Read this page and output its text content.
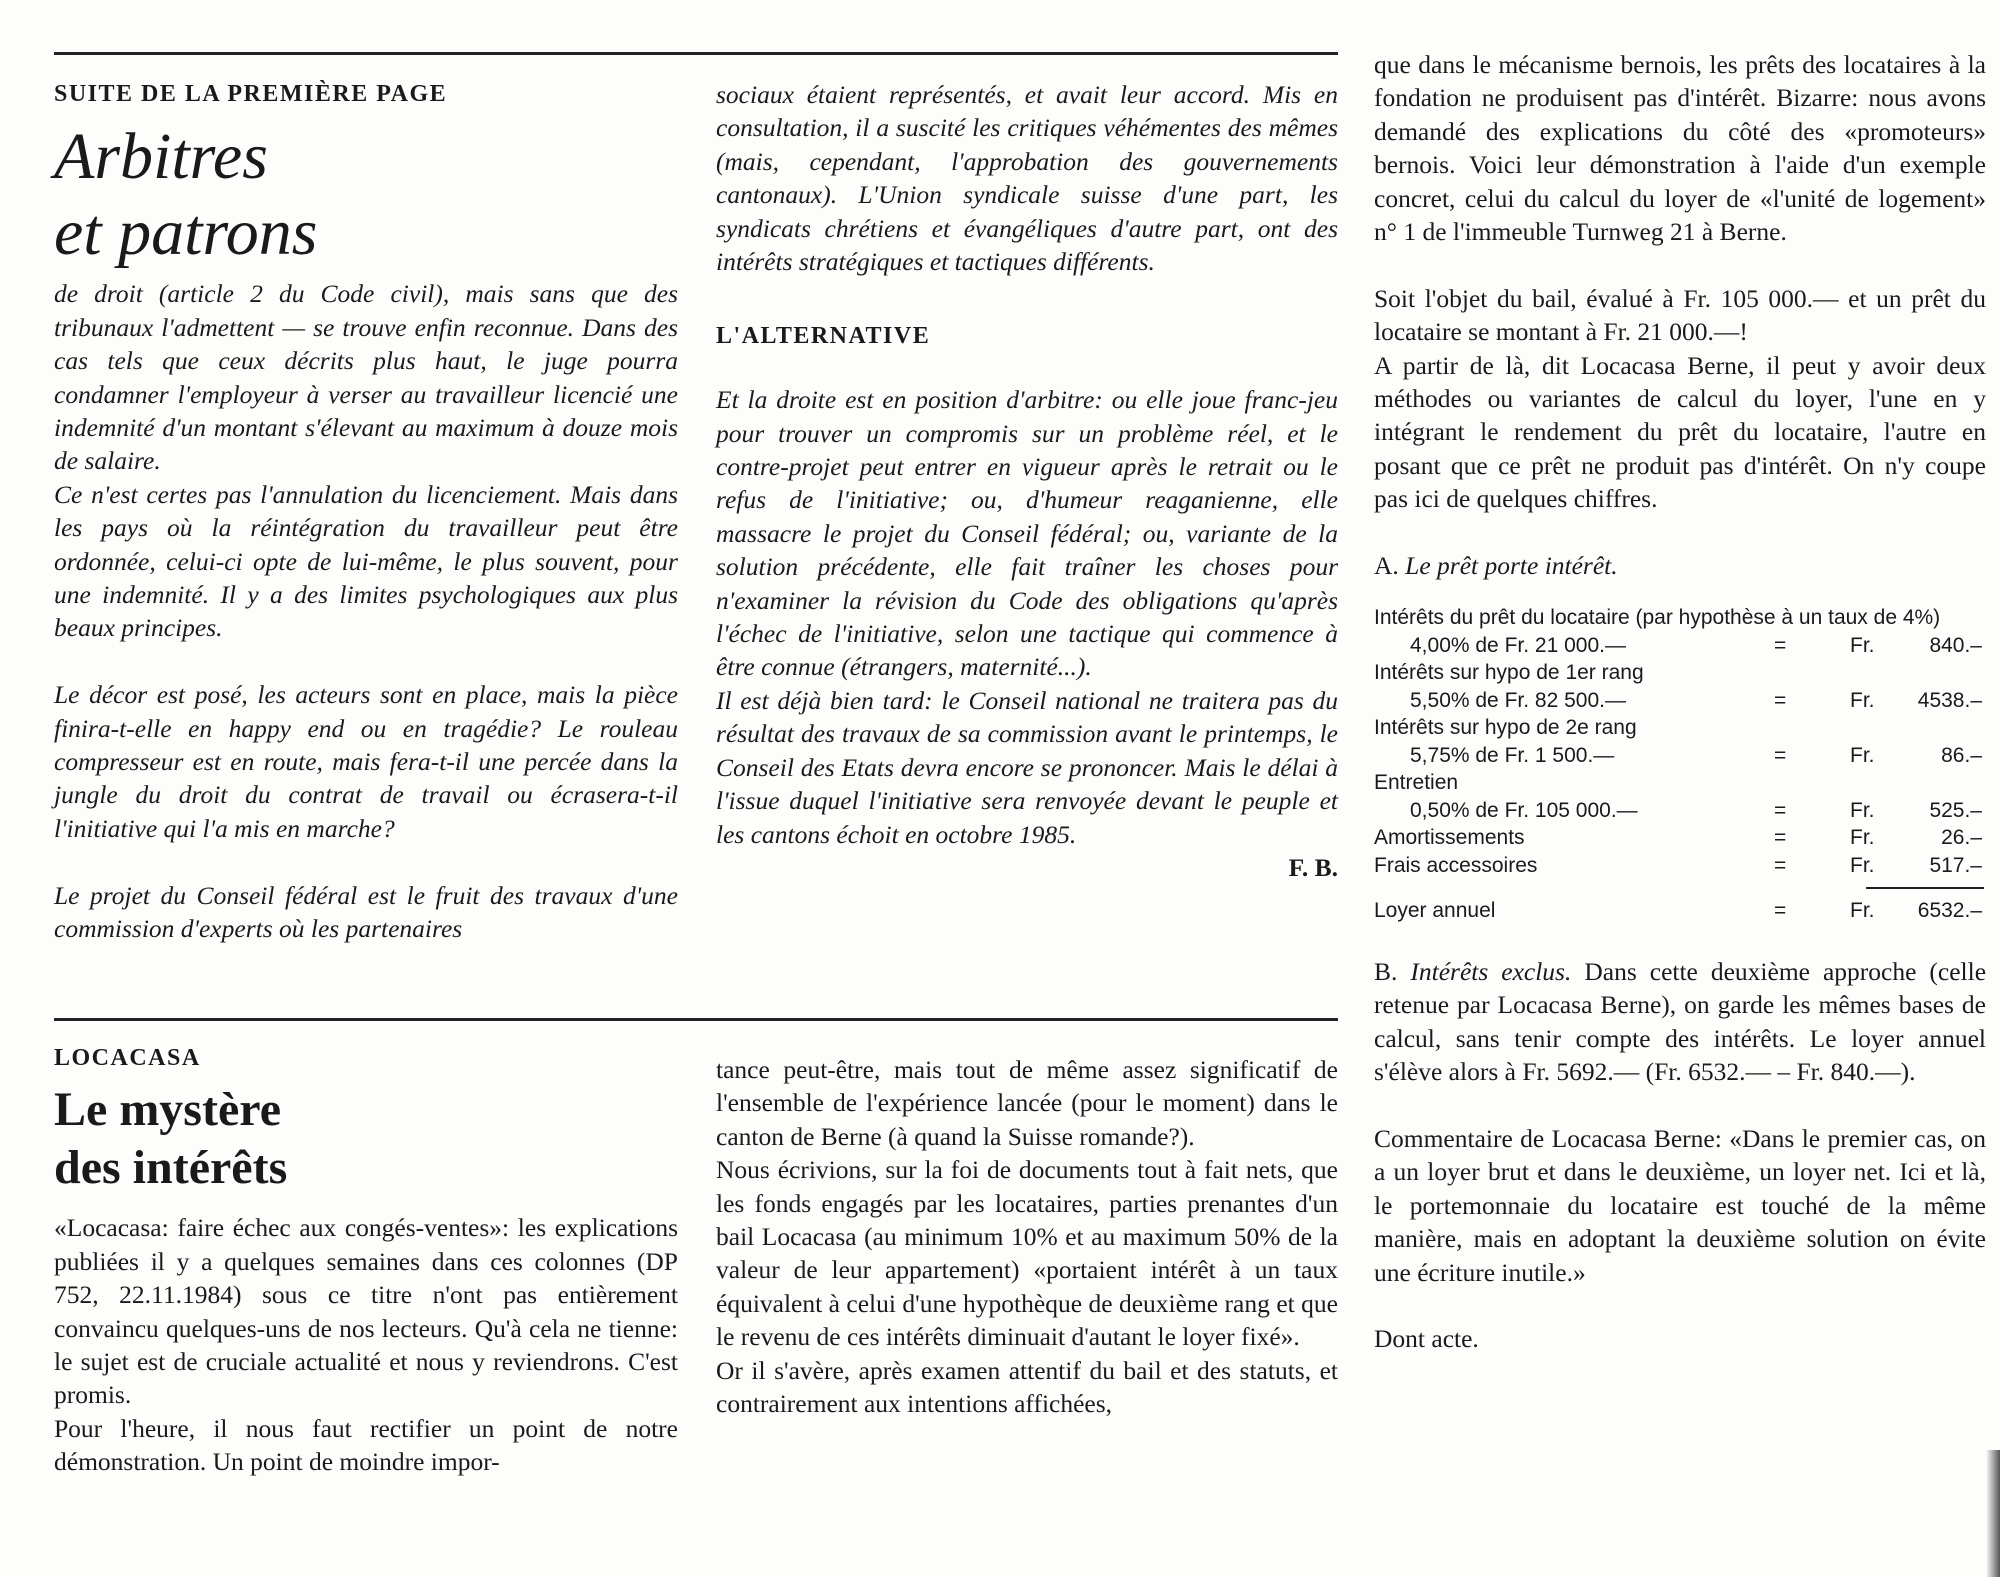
SUITE DE LA PREMIÈRE PAGE

Arbitres
et patrons

de droit (article 2 du Code civil), mais sans que des tribunaux l'admettent — se trouve enfin reconnue. Dans des cas tels que ceux décrits plus haut, le juge pourra condamner l'employeur à verser au travailleur licencié une indemnité d'un montant s'élevant au maximum à douze mois de salaire.

Ce n'est certes pas l'annulation du licenciement. Mais dans les pays où la réintégration du travailleur peut être ordonnée, celui-ci opte de lui-même, le plus souvent, pour une indemnité. Il y a des limites psychologiques aux plus beaux principes.

Le décor est posé, les acteurs sont en place, mais la pièce finira-t-elle en happy end ou en tragédie? Le rouleau compresseur est en route, mais fera-t-il une percée dans la jungle du droit du contrat de travail ou écrasera-t-il l'initiative qui l'a mis en marche?

Le projet du Conseil fédéral est le fruit des travaux d'une commission d'experts où les partenaires

sociaux étaient représentés, et avait leur accord. Mis en consultation, il a suscité les critiques véhémentes des mêmes (mais, cependant, l'approbation des gouvernements cantonaux). L'Union syndicale suisse d'une part, les syndicats chrétiens et évangéliques d'autre part, ont des intérêts stratégiques et tactiques différents.

L'ALTERNATIVE

Et la droite est en position d'arbitre: ou elle joue franc-jeu pour trouver un compromis sur un problème réel, et le contre-projet peut entrer en vigueur après le retrait ou le refus de l'initiative; ou, d'humeur reaganienne, elle massacre le projet du Conseil fédéral; ou, variante de la solution précédente, elle fait traîner les choses pour n'examiner la révision du Code des obligations qu'après l'échec de l'initiative, selon une tactique qui commence à être connue (étrangers, maternité...).

Il est déjà bien tard: le Conseil national ne traitera pas du résultat des travaux de sa commission avant le printemps, le Conseil des Etats devra encore se prononcer. Mais le délai à l'issue duquel l'initiative sera renvoyée devant le peuple et les cantons échoit en octobre 1985.

F. B.

LOCACASA

Le mystère
des intérêts

«Locacasa: faire échec aux congés-ventes»: les explications publiées il y a quelques semaines dans ces colonnes (DP 752, 22.11.1984) sous ce titre n'ont pas entièrement convaincu quelques-uns de nos lecteurs. Qu'à cela ne tienne: le sujet est de cruciale actualité et nous y reviendrons. C'est promis.

Pour l'heure, il nous faut rectifier un point de notre démonstration. Un point de moindre impor-

tance peut-être, mais tout de même assez significatif de l'ensemble de l'expérience lancée (pour le moment) dans le canton de Berne (à quand la Suisse romande?).

Nous écrivions, sur la foi de documents tout à fait nets, que les fonds engagés par les locataires, parties prenantes d'un bail Locacasa (au minimum 10% et au maximum 50% de la valeur de leur appartement) «portaient intérêt à un taux équivalent à celui d'une hypothèque de deuxième rang et que le revenu de ces intérêts diminuait d'autant le loyer fixé».

Or il s'avère, après examen attentif du bail et des statuts, et contrairement aux intentions affichées,

que dans le mécanisme bernois, les prêts des locataires à la fondation ne produisent pas d'intérêt. Bizarre: nous avons demandé des explications du côté des «promoteurs» bernois. Voici leur démonstration à l'aide d'un exemple concret, celui du calcul du loyer de «l'unité de logement» n° 1 de l'immeuble Turnweg 21 à Berne.

Soit l'objet du bail, évalué à Fr. 105 000.— et un prêt du locataire se montant à Fr. 21 000.—!

A partir de là, dit Locacasa Berne, il peut y avoir deux méthodes ou variantes de calcul du loyer, l'une en y intégrant le rendement du prêt du locataire, l'autre en posant que ce prêt ne produit pas d'intérêt. On n'y coupe pas ici de quelques chiffres.

A. Le prêt porte intérêt.

Intérêts du prêt du locataire (par hypothèse à un taux de 4%)

4,00% de Fr. 21 000.—	=	Fr.	840.–
Intérêts sur hypo de 1er rang
5,50% de Fr. 82 500.—	=	Fr. 4538.–
Intérêts sur hypo de 2e rang
5,75% de Fr. 1 500.—	=	Fr.	86.–
Entretien
0,50% de Fr. 105 000.—	=	Fr.	525.–
Amortissements	=	Fr.	26.–
Frais accessoires	=	Fr.	517.–
Loyer annuel	=	Fr. 6532.–

B. Intérêts exclus. Dans cette deuxième approche (celle retenue par Locacasa Berne), on garde les mêmes bases de calcul, sans tenir compte des intérêts. Le loyer annuel s'élève alors à Fr. 5692.— (Fr. 6532.— – Fr. 840.—).

Commentaire de Locacasa Berne: «Dans le premier cas, on a un loyer brut et dans le deuxième, un loyer net. Ici et là, le portemonnaie du locataire est touché de la même manière, mais en adoptant la deuxième solution on évite une écriture inutile.»

Dont acte.
